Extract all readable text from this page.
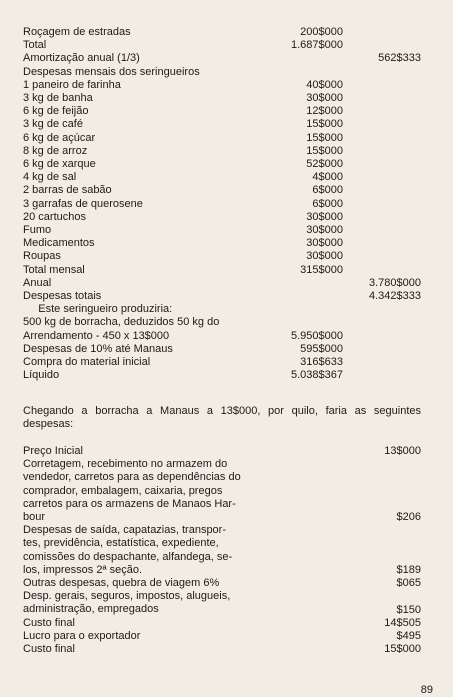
Roçagem de estradas	200$000
Total	1.687$000
Amortização anual (1/3)	562$333
Despesas mensais dos seringueiros
1 paneiro de farinha	40$000
3 kg de banha	30$000
6 kg de feijão	12$000
3 kg de café	15$000
6 kg de açúcar	15$000
8 kg de arroz	15$000
6 kg de xarque	52$000
4 kg de sal	4$000
2 barras de sabão	6$000
3 garrafas de querosene	6$000
20 cartuchos	30$000
Fumo	30$000
Medicamentos	30$000
Roupas	30$000
Total mensal	315$000
Anual	3.780$000
Despesas totais	4.342$333
Este seringueiro produziria:
500 kg de borracha, deduzidos 50 kg do
Arrendamento - 450 x 13$000	5.950$000
Despesas de 10% até Manaus	595$000
Compra do material inicial	316$633
Líquido	5.038$367
Chegando a borracha a Manaus a 13$000, por quilo, faria as seguintes despesas:
Preço Inicial	13$000
Corretagem, recebimento no armazem do
vendedor, carretos para as dependências do
comprador, embalagem, caixaria, pregos
carretos para os armazens de Manaos Har-
bour	$206
Despesas de saída, capatazias, transpor-
tes, previdência, estatística, expediente,
comissões do despachante, alfandega, se-
los, impressos 2ª seção.	$189
Outras despesas, quebra de viagem 6%	$065
Desp. gerais, seguros, impostos, alugueis,
administração, empregados	$150
Custo final	14$505
Lucro para o exportador	$495
Custo final	15$000
89
